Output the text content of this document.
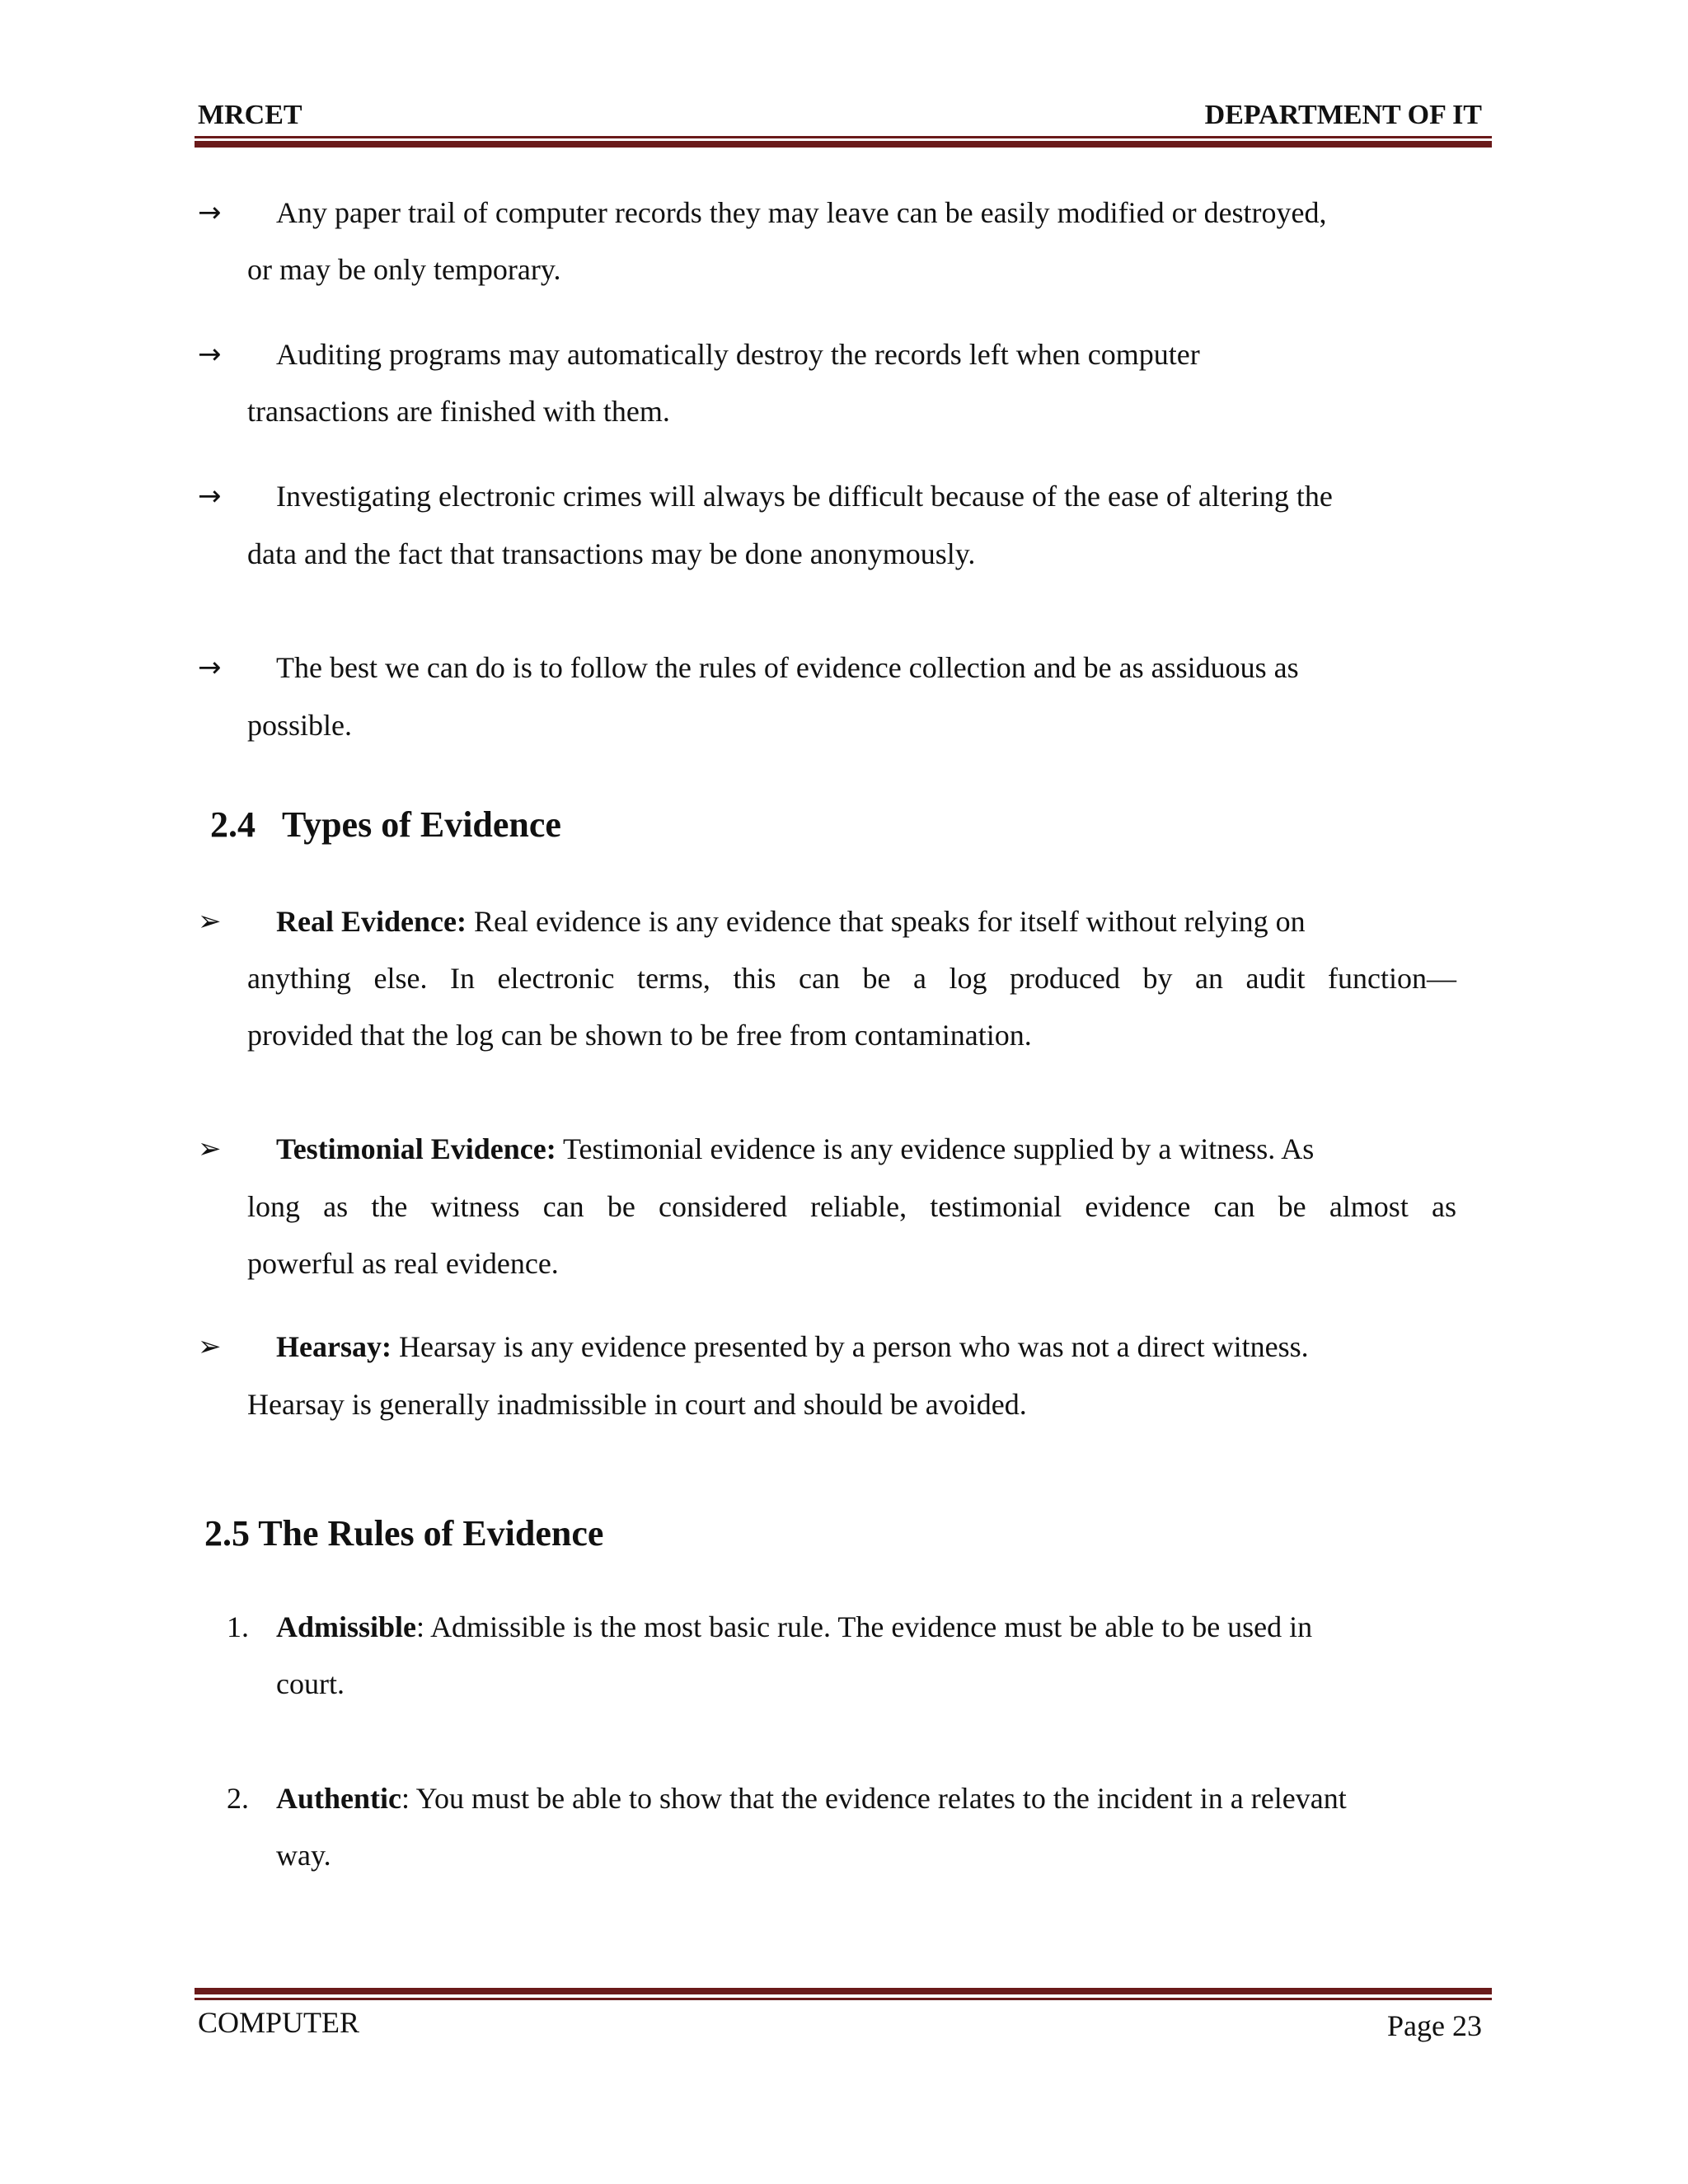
MRCET	DEPARTMENT OF IT
→ Any paper trail of computer records they may leave can be easily modified or destroyed,
or may be only temporary.
→ Auditing programs may automatically destroy the records left when computer
transactions are finished with them.
→ Investigating electronic crimes will always be difficult because of the ease of altering the
data and the fact that transactions may be done anonymously.
→ The best we can do is to follow the rules of evidence collection and be as assiduous as
possible.
2.4 Types of Evidence
➢ Real Evidence: Real evidence is any evidence that speaks for itself without relying on
anything else. In electronic terms, this can be a log produced by an audit function—
provided that the log can be shown to be free from contamination.
➢ Testimonial Evidence: Testimonial evidence is any evidence supplied by a witness. As
long as the witness can be considered reliable, testimonial evidence can be almost as
powerful as real evidence.
➢ Hearsay: Hearsay is any evidence presented by a person who was not a direct witness.
Hearsay is generally inadmissible in court and should be avoided.
2.5 The Rules of Evidence
1. Admissible: Admissible is the most basic rule. The evidence must be able to be used in
court.
2. Authentic: You must be able to show that the evidence relates to the incident in a relevant
way.
COMPUTER	Page 23
